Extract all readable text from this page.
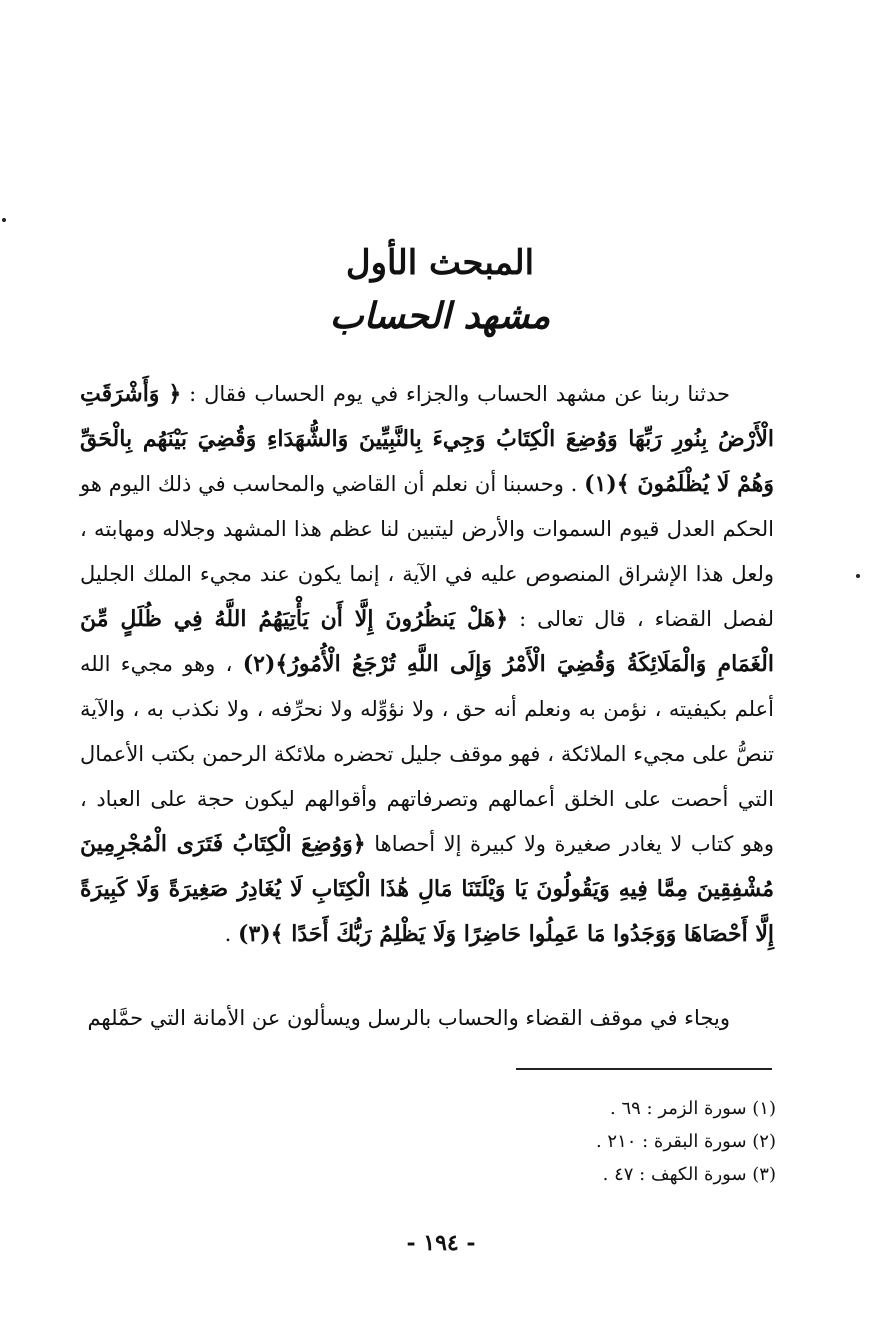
المبحث الأول
مشهد الحساب

حدثنا ربنا عن مشهد الحساب والجزاء في يوم الحساب فقال : ﴿ وَأَشْرَقَتِ الْأَرْضُ بِنُورِ رَبِّهَا وَوُضِعَ الْكِتَابُ وَجِيءَ بِالنَّبِيِّينَ وَالشُّهَدَاءِ وَقُضِيَ بَيْنَهُم بِالْحَقِّ وَهُمْ لَا يُظْلَمُونَ ﴾(١) . وحسبنا أن نعلم أن القاضي والمحاسب في ذلك اليوم هو الحكم العدل قيوم السموات والأرض ليتبين لنا عظم هذا المشهد وجلاله ومهابته ، ولعل هذا الإشراق المنصوص عليه في الآية ، إنما يكون عند مجيء الملك الجليل لفصل القضاء ، قال تعالى : ﴿هَلْ يَنظُرُونَ إِلَّا أَن يَأْتِيَهُمُ اللَّهُ فِي ظُلَلٍ مِّنَ الْغَمَامِ وَالْمَلَائِكَةُ وَقُضِيَ الْأَمْرُ وَإِلَى اللَّهِ تُرْجَعُ الْأُمُورُ﴾(٢) ، وهو مجيء الله أعلم بكيفيته ، نؤمن به ونعلم أنه حق ، ولا نؤوِّله ولا نحرِّفه ، ولا نكذب به ، والآية تنصُّ على مجيء الملائكة ، فهو موقف جليل تحضره ملائكة الرحمن بكتب الأعمال التي أحصت على الخلق أعمالهم وتصرفاتهم وأقوالهم ليكون حجة على العباد ، وهو كتاب لا يغادر صغيرة ولا كبيرة إلا أحصاها ﴿وَوُضِعَ الْكِتَابُ فَتَرَى الْمُجْرِمِينَ مُشْفِقِينَ مِمَّا فِيهِ وَيَقُولُونَ يَا وَيْلَتَنَا مَالِ هَٰذَا الْكِتَابِ لَا يُغَادِرُ صَغِيرَةً وَلَا كَبِيرَةً إِلَّا أَحْصَاهَا وَوَجَدُوا مَا عَمِلُوا حَاضِرًا وَلَا يَظْلِمُ رَبُّكَ أَحَدًا ﴾(٣) .

ويجاء في موقف القضاء والحساب بالرسل ويسألون عن الأمانة التي حمَّلهم
(١) سورة الزمر : ٦٩ .
(٢) سورة البقرة : ٢١٠ .
(٣) سورة الكهف : ٤٧ .
- ١٩٤ -
